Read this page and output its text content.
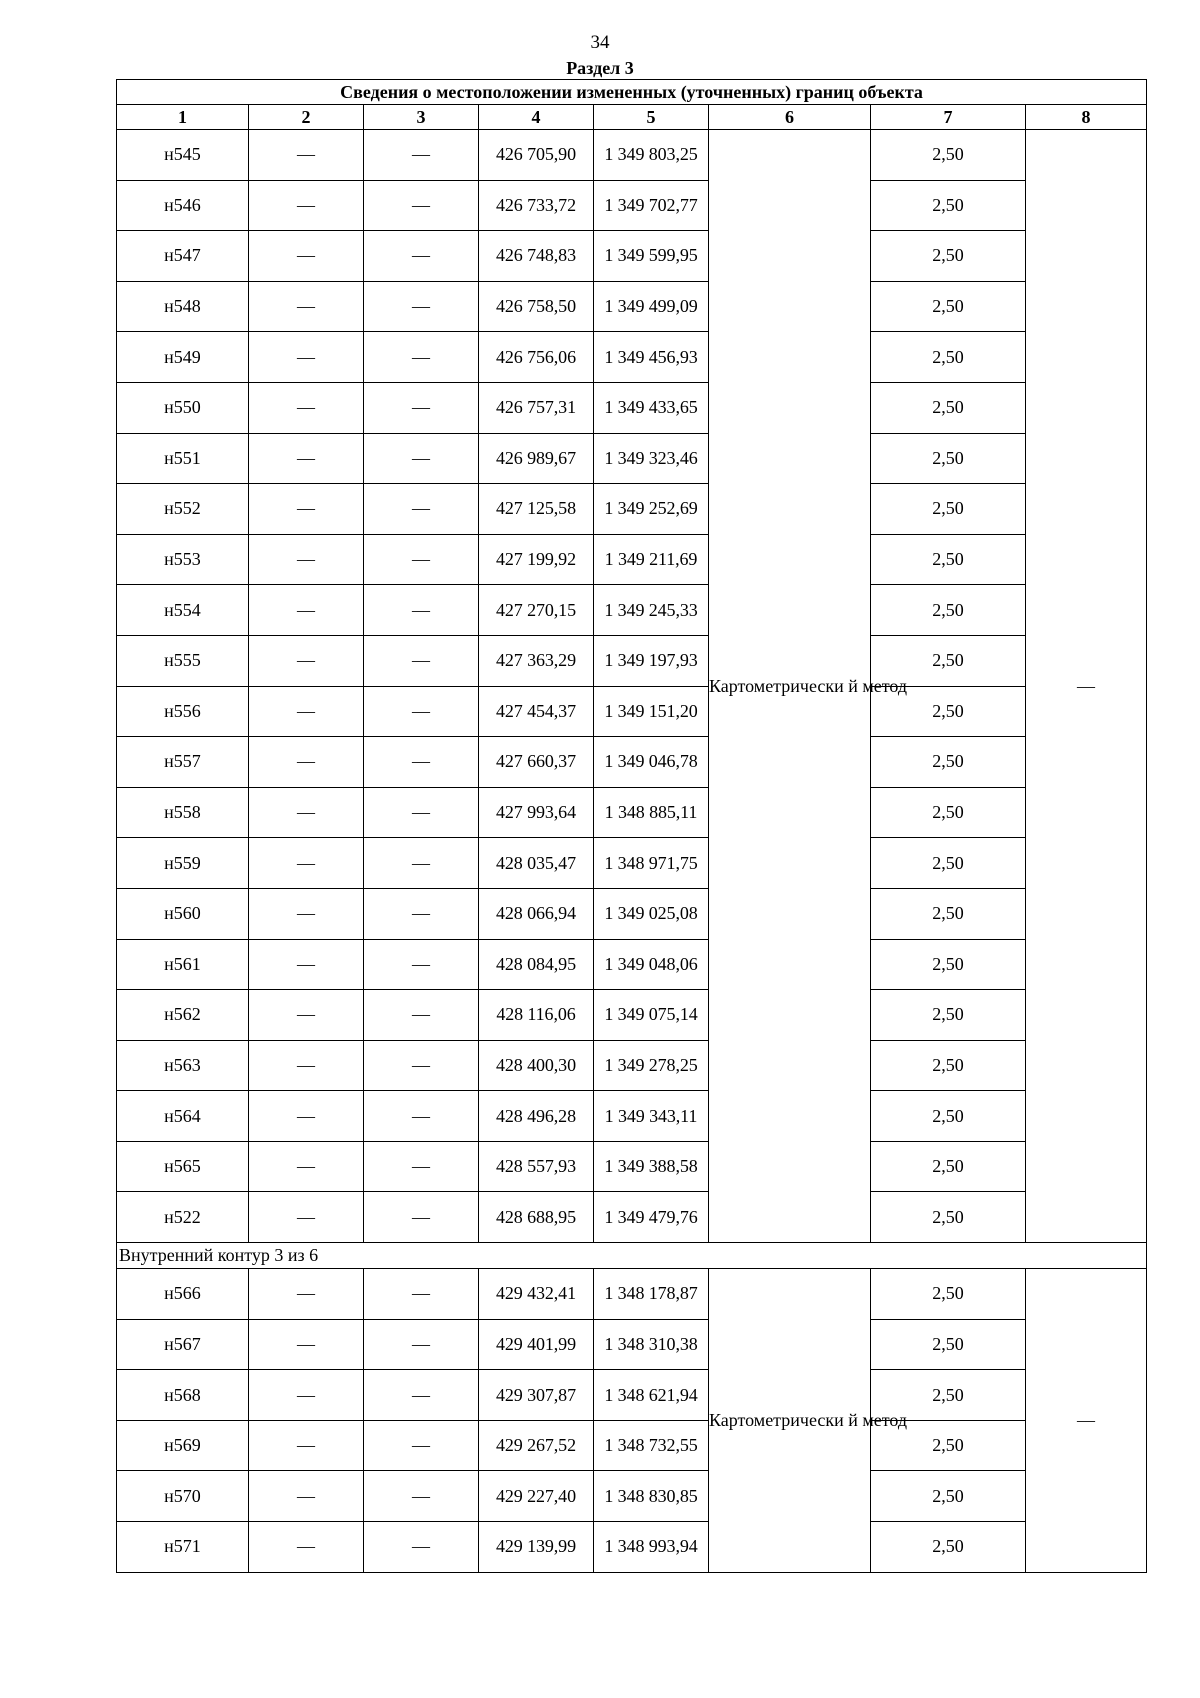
34
Раздел 3
Сведения о местоположении измененных (уточненных) границ объекта							
1	2	3	4	5	6	7	8
н545	—	—	426 705,90	1 349 803,25	Картометрически й метод	2,50	—
н546	—	—	426 733,72	1 349 702,77		2,50	
н547	—	—	426 748,83	1 349 599,95		2,50	
н548	—	—	426 758,50	1 349 499,09		2,50	
н549	—	—	426 756,06	1 349 456,93		2,50	
н550	—	—	426 757,31	1 349 433,65		2,50	
н551	—	—	426 989,67	1 349 323,46		2,50	
н552	—	—	427 125,58	1 349 252,69		2,50	
н553	—	—	427 199,92	1 349 211,69		2,50	
н554	—	—	427 270,15	1 349 245,33		2,50	
н555	—	—	427 363,29	1 349 197,93		2,50	
н556	—	—	427 454,37	1 349 151,20		2,50	
н557	—	—	427 660,37	1 349 046,78		2,50	
н558	—	—	427 993,64	1 348 885,11		2,50	
н559	—	—	428 035,47	1 348 971,75		2,50	
н560	—	—	428 066,94	1 349 025,08		2,50	
н561	—	—	428 084,95	1 349 048,06		2,50	
н562	—	—	428 116,06	1 349 075,14		2,50	
н563	—	—	428 400,30	1 349 278,25		2,50	
н564	—	—	428 496,28	1 349 343,11		2,50	
н565	—	—	428 557,93	1 349 388,58		2,50	
н522	—	—	428 688,95	1 349 479,76		2,50	
Внутренний контур 3 из 6							
н566	—	—	429 432,41	1 348 178,87	Картометрически й метод	2,50	—
н567	—	—	429 401,99	1 348 310,38		2,50	
н568	—	—	429 307,87	1 348 621,94		2,50	
н569	—	—	429 267,52	1 348 732,55		2,50	
н570	—	—	429 227,40	1 348 830,85		2,50	
н571	—	—	429 139,99	1 348 993,94		2,50	
